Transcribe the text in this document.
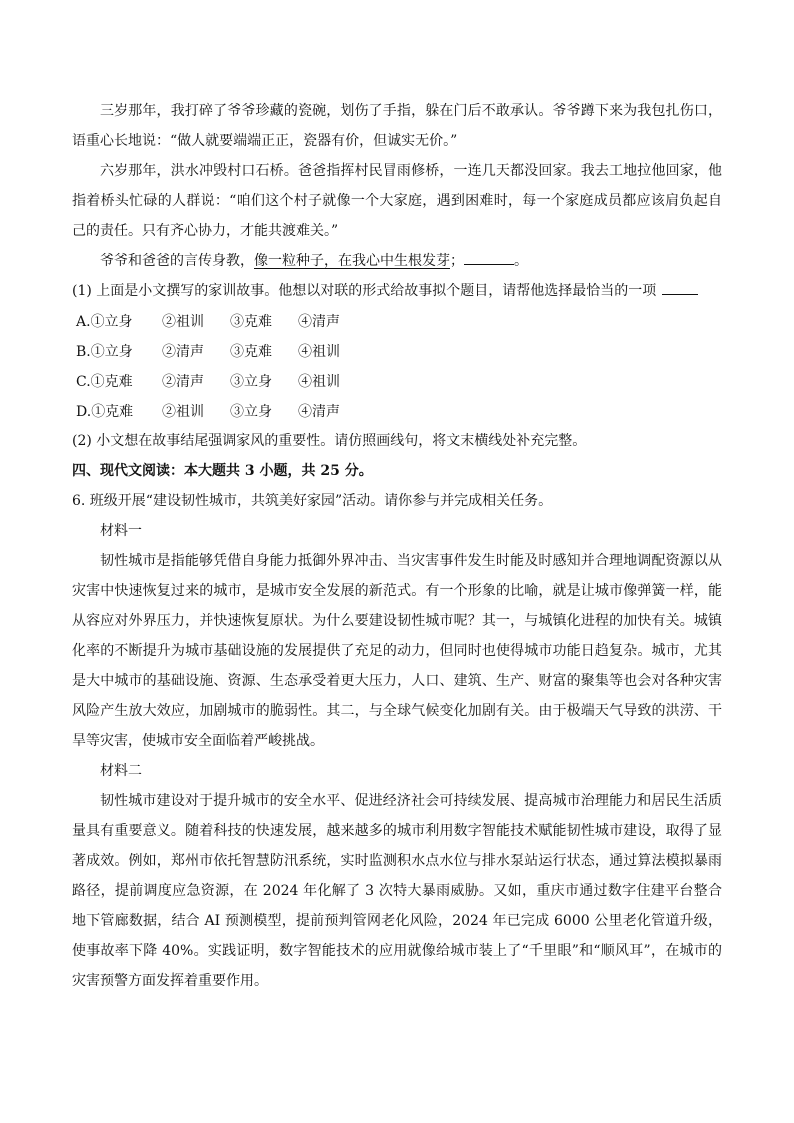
三岁那年，我打碎了爷爷珍藏的瓷碗，划伤了手指，躲在门后不敢承认。爷爷蹲下来为我包扎伤口，语重心长地说：“做人就要端端正正，瓷器有价，但诚实无价。”

六岁那年，洪水冲毁村口石桥。爸爸指挥村民冒雨修桥，一连几天都没回家。我去工地拉他回家，他指着桥头忙碌的人群说：“咱们这个村子就像一个大家庭，遇到困难时，每一个家庭成员都应该肩负起自己的责任。只有齐心协力，才能共渡难关。”

爷爷和爸爸的言传身教，像一粒种子，在我心中生根发芽；	。

(1) 上面是小文撰写的家训故事。他想以对联的形式给故事拟个题目，请帮他选择最恰当的一项

A.①立身	②祖训	③克难	④清声
B.①立身	②清声	③克难	④祖训
C.①克难	②清声	③立身	④祖训
D.①克难	②祖训	③立身	④清声

(2) 小文想在故事结尾强调家风的重要性。请仿照画线句，将文末横线处补充完整。

四、现代文阅读：本大题共 3 小题，共 25 分。

6. 班级开展“建设韧性城市，共筑美好家园”活动。请你参与并完成相关任务。

材料一

韧性城市是指能够凭借自身能力抵御外界冲击、当灾害事件发生时能及时感知并合理地调配资源以从灾害中快速恢复过来的城市，是城市安全发展的新范式。有一个形象的比喻，就是让城市像弹簧一样，能从容应对外界压力，并快速恢复原状。为什么要建设韧性城市呢？其一，与城镇化进程的加快有关。城镇化率的不断提升为城市基础设施的发展提供了充足的动力，但同时也使得城市功能日趋复杂。城市，尤其是大中城市的基础设施、资源、生态承受着更大压力，人口、建筑、生产、财富的聚集等也会对各种灾害风险产生放大效应，加剧城市的脆弱性。其二，与全球气候变化加剧有关。由于极端天气导致的洪涝、干旱等灾害，使城市安全面临着严峻挑战。

材料二

韧性城市建设对于提升城市的安全水平、促进经济社会可持续发展、提高城市治理能力和居民生活质量具有重要意义。随着科技的快速发展，越来越多的城市利用数字智能技术赋能韧性城市建设，取得了显著成效。例如，郑州市依托智慧防汛系统，实时监测积水点水位与排水泵站运行状态，通过算法模拟暴雨路径，提前调度应急资源，在 2024 年化解了 3 次特大暴雨威胁。又如，重庆市通过数字住建平台整合地下管廊数据，结合 AI 预测模型，提前预判管网老化风险，2024 年已完成 6000 公里老化管道升级，使事故率下降 40%。实践证明，数字智能技术的应用就像给城市装上了“千里眼”和“顺风耳”，在城市的灾害预警方面发挥着重要作用。
